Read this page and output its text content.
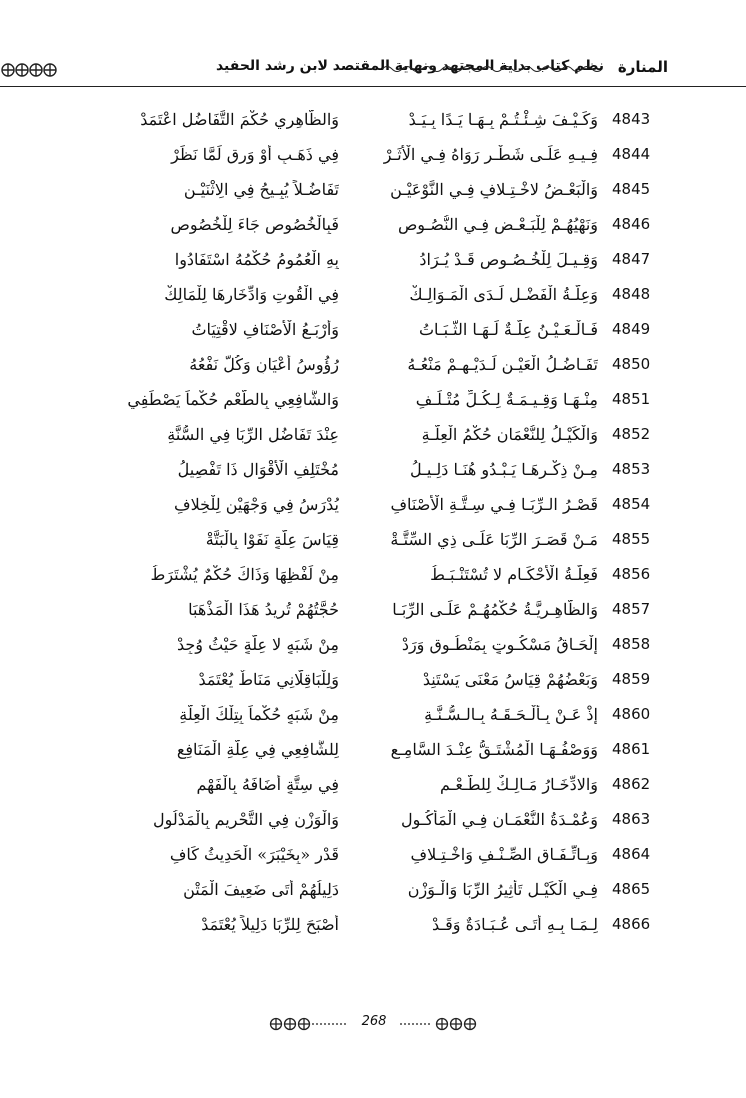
نظم كتاب بداية المجتهد ونهاية المقتصد لابن رشد الحفيد المنارة
4843
وَكَـيْـفَ شِـئْـتُـمْ بِـهَـا يَـدًا بِـيَـدْ
وَالظَّاهِرِي حُكْمَ التَّفَاضُلِ اعْتَمَدْ
4844
فِـيـهِ عَلَـى شَطْـرٍ رَوَاهُ فِـي الْأَثَـرْ
فِي ذَهَـبٍ أَوْ وَرِقٍ لَمَّا نَظَرْ
4845
وَالْبَعْـضُ لاخْـتِـلافٍ فِـي النَّوْعَيْـنِ
تَفَاضُـلاً يُبِـيحُ فِي الِاثْنَيْـنِ
4846
وَنَهْيُهُـمْ لِلْبَـعْـضِ فِـي النُّصُـوصِ
فَبِالْخُصُوصِ جَاءَ لِلْخُصُوصِ
4847
وَقِـيـلَ لِلْخُـصُـوصِ قَـدْ يُـرَادُ
بِهِ الْعُمُومُ حُكْمُهُ اسْتَفَادُوا
4848
وَعِلَّـةُ الْفَضْـلِ لَـدَى الْمَـوَالِـكْ
فِي الْقُوتِ وَادِّخَارِهَا لِلْمَالِكْ
4849
فَـالْـعَـيْـنُ عِلَّـةٌ لَـهَـا الثَّـبَـاتُ
وَأَرْبَـعُ الْأَصْنَافِ لاقْتِيَاتُ
4850
تَفَـاضُـلُ الْعَيْـنِ لَـدَيْـهِـمْ مَنْعُـهُ
رُؤُوسُ أَعْيَانٍ وَكُلُّ نَفْعُهُ
4851
مِنْـهَـا وَقِـيـمَـةٌ لِـكُـلِّ مُتْـلَـفِ
وَالشَّافِعِي بِالطُّعْمِ حُكْماً يَصْطَفِي
4852
وَالْكَيْـلُ لِلنُّعْمَانِ حُكْمُ الْعِلَّـةِ
عِنْدَ تَفَاضُلِ الرِّبَا فِي السُّنَّةِ
4853
مِـنْ ذِكْـرِهَـا يَـبْـدُو هُنَـا دَلِـيـلُ
مُخْتَلِفِ الْأَقْوَالِ ذَا تَفْصِيلُ
4854
قَصْـرُ الـرِّبَـا فِـي سِـتَّـةِ الْأَصْنَافِ
يُدْرَسُ فِي وَجْهَيْنِ لِلْخِلافِ
4855
مَـنْ قَصَـرَ الرِّبَا عَلَـى ذِي السِّتَّـةْ
قِيَاسَ عِلَّةٍ نَفَوْا بِالْبَتَّةْ
4856
فَعِلَّـةُ الْأَحْكَـامِ لا تُسْتَنْـبَـطُ
مِنْ لَفْظِهَا وَذَاكَ حُكْمٌ يُشْتَرَطُ
4857
وَالظَّاهِـرِيَّـةُ حُكْمُهُـمْ عَلَـى الرِّبَـا
حُجَّتُهُمْ تُرِيدُ هَذَا الْمَذْهَبَا
4858
إِلْحَـاقُ مَسْكُـوتٍ بِمَنْطُـوقٍ وَرَدْ
مِنْ شَبَهٍ لا عِلَّةٍ حَيْثُ وُجِدْ
4859
وَبَعْضُهُمْ قِيَاسُ مَعْنَى يَسْتَنِدْ
وَلِلْبَاقِلَّانِي مَنَاطٌ يُعْتَمَدْ
4860
إِذْ عَـنْ بِـأَلْـحَـقَـهُ بِـالـسُّـنَّـةِ
مِنْ شَبَهٍ حُكْماً بِتِلْكَ الْعِلَّةِ
4861
وَوَصْفُـهَـا الْمُشْتَـقُّ عِنْـدَ السَّامِـعِ
لِلشَّافِعِي فِي عِلَّةِ الْمَنَافِعِ
4862
وَالادِّخَـارُ مَـالِـكٌ لِلطُّـعْـمِ
فِي سِتَّةٍ أَضَافَهُ بِالْفَهْمِ
4863
وَعُمْـدَةُ النُّعْمَـانِ فِـي الْمَأْكُـولِ
وَالْوَزْنِ فِي التَّحْرِيمِ بِالْمَدْلُولِ
4864
وَبِـاتِّـفَـاقِ الصِّـنْـفِ وَاخْـتِـلافِ
قَدْرِ «بِخَيْبَرَ» الْحَدِيثُ كَافِ
4865
فِـي الْكَيْـلِ تَأْثِيرُ الرِّبَا وَالْـوَزْنِ
دَلِيلُهُمْ أَتَى ضَعِيفَ الْمَتْنِ
4866
لِـمَـا بِـهِ أَتَـى عُـبَـادَةٌ وَقَـدْ
أَصْبَحَ لِلرِّبَا دَلِيلاً يُعْتَمَدْ
268
